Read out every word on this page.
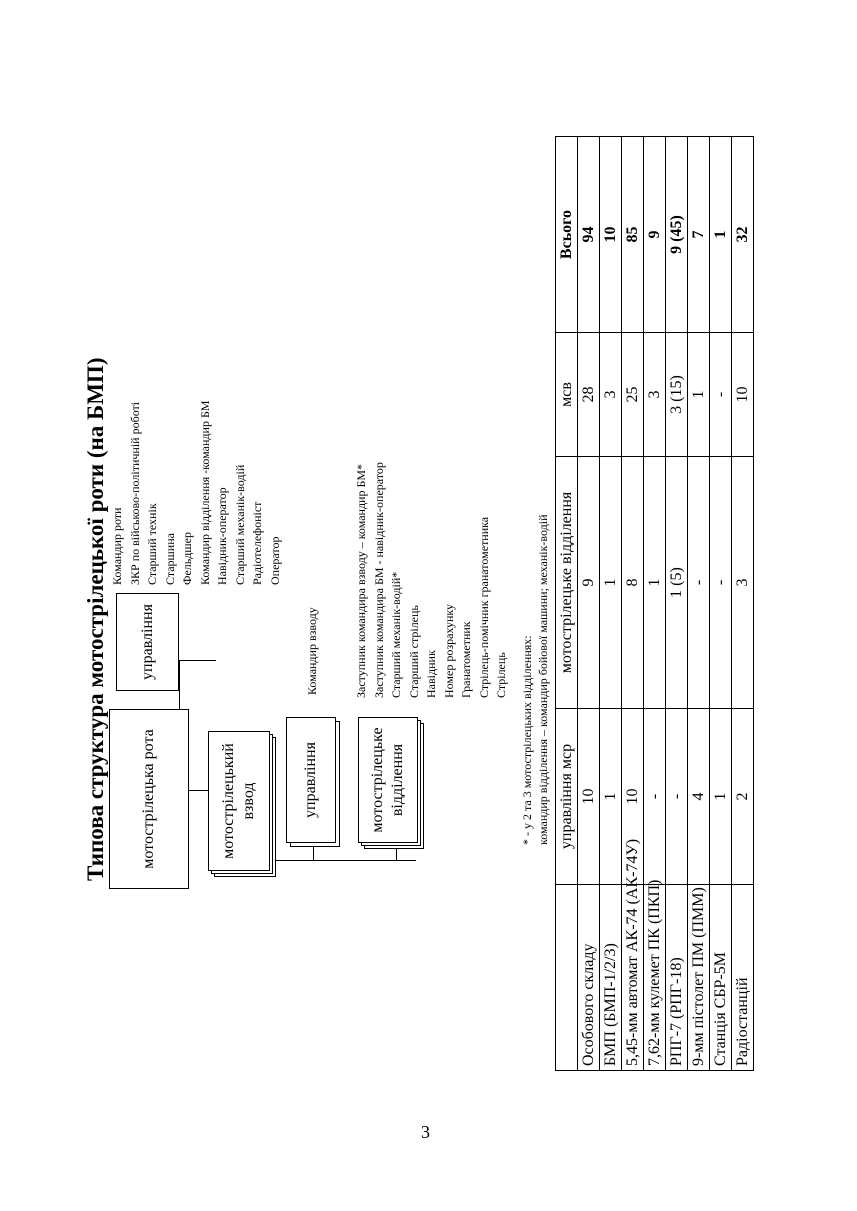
Типова структура мотострілецької роти (на БМП)	мотострілецька рота
управління
мотострілецький взвод	управління	мотострілецьке відділення
Командир роти ЗКР по військово-політичній роботі Старший технік Старшина Фельдшер Командир відділення -командир БМ Навідник-оператор Старший механік-водій Радіотелефоніст Оператор
Командир взводу	Заступник командира взводу – командир БМ* Заступник командира БМ - навідник-оператор Старший механік-водій* Старший стрілець Навідник Номер розрахунку Гранатометник Стрілець-помічник гранатометника Стрілець * - у 2 та 3 мотострілецьких відділеннях: командир відділення – командир бойової машини; механік-водій
	управління мср	мотострілецьке відділення	мсв	Всього
Особового складу	10	9	28	94
БМП (БМП-1/2/3)	1	1	3	10
5,45-мм автомат АК-74 (АК-74У)	10	8	25	85
7,62-мм кулемет ПК (ПКП)	-	1	3	9
РПГ-7 (РПГ-18)	-	1 (5)	3 (15)	9 (45)
9-мм пістолет ПМ (ПММ)	4	-	1	7
Станція СБР-5М	1	-	-	1
Радіостанцій	2	3	10	32
3
